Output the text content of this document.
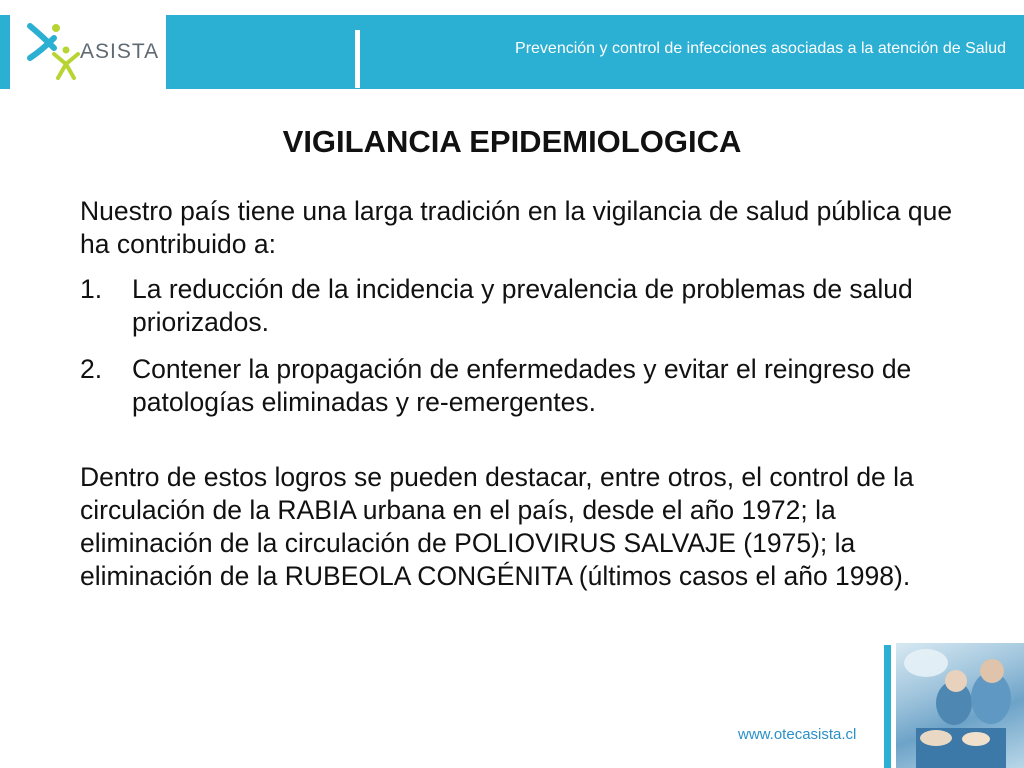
ASISTA	Prevención y control de infecciones asociadas a la atención de Salud
VIGILANCIA EPIDEMIOLOGICA

Nuestro país tiene una larga tradición en la vigilancia de salud pública que ha contribuido a:

1. La reducción de la incidencia y prevalencia de problemas de salud priorizados.

2. Contener la propagación de enfermedades y evitar el reingreso de patologías eliminadas y re-emergentes.

Dentro de estos logros se pueden destacar, entre otros, el control de la circulación de la RABIA urbana en el país, desde el año 1972; la eliminación de la circulación de POLIOVIRUS SALVAJE (1975); la eliminación de la RUBEOLA CONGÉNITA (últimos casos el año 1998).

www.otecasista.cl
